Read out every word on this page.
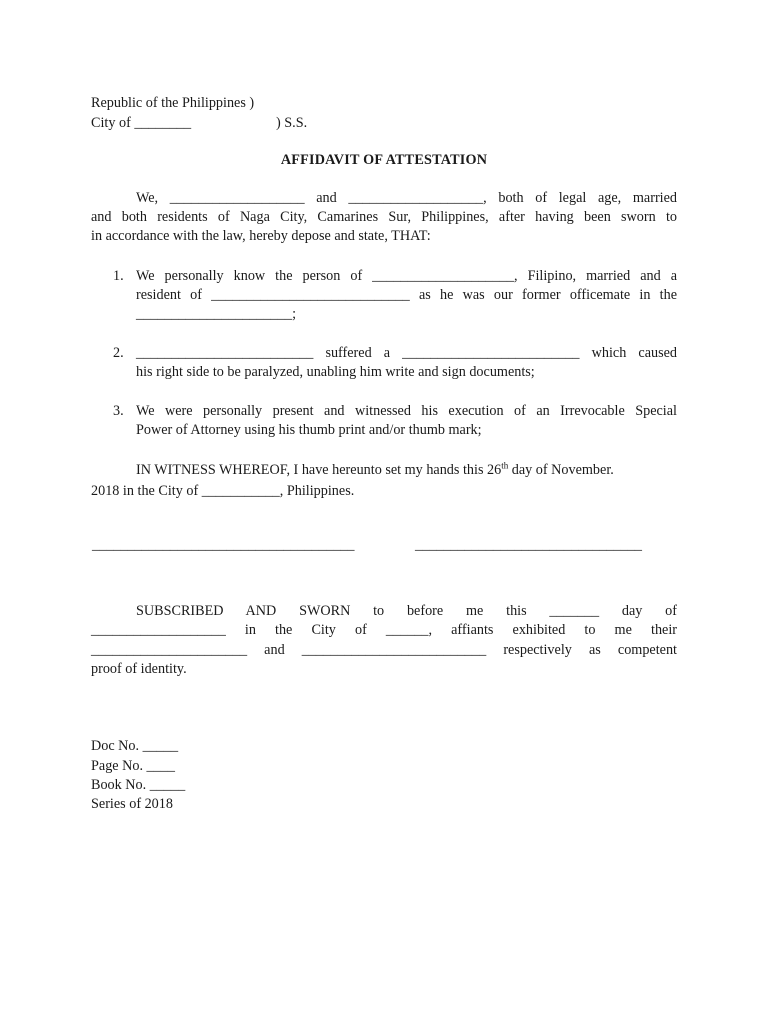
Republic of the Philippines )
City of ________	) S.S.
AFFIDAVIT OF ATTESTATION
We, ___________________ and ___________________, both of legal age, married
and both residents of Naga City, Camarines Sur, Philippines, after having been sworn to
in accordance with the law, hereby depose and state, THAT:
1. We personally know the person of ____________________, Filipino, married and a
resident of ____________________________ as he was our former officemate in the
______________________;
2. _________________________ suffered a _________________________ which caused
his right side to be paralyzed, unabling him write and sign documents;
3. We were personally present and witnessed his execution of an Irrevocable Special
Power of Attorney using his thumb print and/or thumb mark;
IN WITNESS WHEREOF, I have hereunto set my hands this 26th day of November.
2018 in the City of ___________, Philippines.
_____________________________________	________________________________
SUBSCRIBED AND SWORN to before me this _______ day of
___________________ in the City of ______, affiants exhibited to me their
______________________ and __________________________ respectively as competent
proof of identity.
Doc No. _____
Page No. ____
Book No. _____
Series of 2018
